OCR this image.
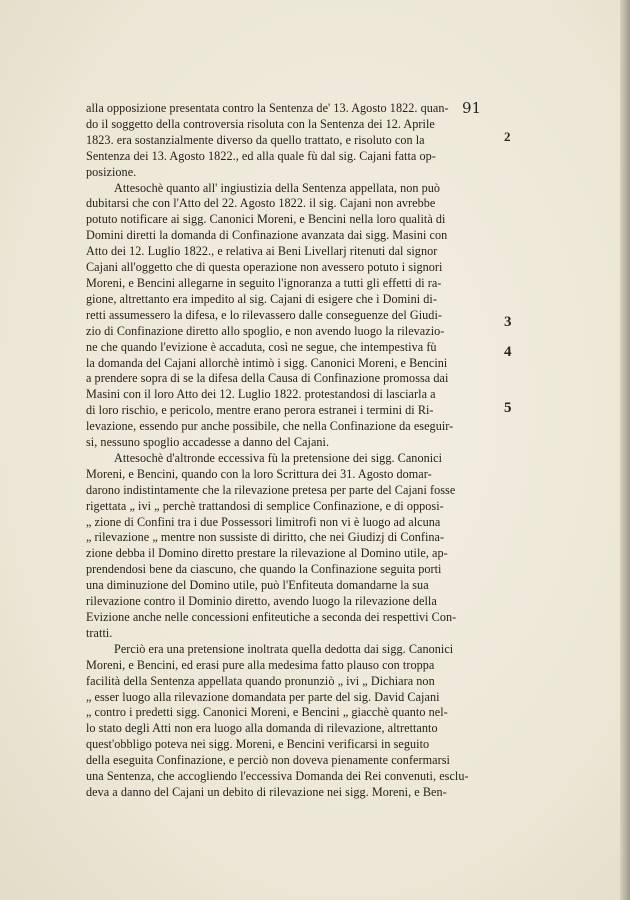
91
alla opposizione presentata contro la Sentenza de' 13. Agosto 1822. quan-
do il soggetto della controversia risoluta con la Sentenza dei 12. Aprile
1823. era sostanzialmente diverso da quello trattato, e risoluto con la
Sentenza dei 13. Agosto 1822., ed alla quale fù dal sig. Cajani fatta op-
posizione.
Attesochè quanto all' ingiustizia della Sentenza appellata, non può
dubitarsi che con l'Atto del 22. Agosto 1822. il sig. Cajani non avrebbe
potuto notificare ai sigg. Canonici Moreni, e Bencini nella loro qualità di
Domini diretti la domanda di Confinazione avanzata dai sigg. Masini con
Atto dei 12. Luglio 1822., e relativa ai Beni Livellarj ritenuti dal signor
Cajani all'oggetto che di questa operazione non avessero potuto i signori
Moreni, e Bencini allegarne in seguito l'ignoranza a tutti gli effetti di ra-
gione, altrettanto era impedito al sig. Cajani di esigere che i Domini di-
retti assumessero la difesa, e lo rilevassero dalle conseguenze del Giudi-
zio di Confinazione diretto allo spoglio, e non avendo luogo la rilevazio-
ne che quando l'evizione è accaduta, così ne segue, che intempestiva fù
la domanda del Cajani allorchè intimò i sigg. Canonici Moreni, e Bencini
a prendere sopra di se la difesa della Causa di Confinazione promossa dai
Masini con il loro Atto dei 12. Luglio 1822. protestandosi di lasciarla a
di loro rischio, e pericolo, mentre erano perora estranei i termini di Ri-
levazione, essendo pur anche possibile, che nella Confinazione da eseguir-
si, nessuno spoglio accadesse a danno del Cajani.
Attesochè d'altronde eccessiva fù la pretensione dei sigg. Canonici
Moreni, e Bencini, quando con la loro Scrittura dei 31. Agosto domar-
darono indistintamente che la rilevazione pretesa per parte del Cajani fosse
rigettata „ ivi „ perchè trattandosi di semplice Confinazione, e di opposi-
„ zione di Confini tra i due Possessori limitrofi non vi è luogo ad alcuna
„ rilevazione „ mentre non sussiste di diritto, che nei Giudizj di Confina-
zione debba il Domino diretto prestare la rilevazione al Domino utile, ap-
prendendosi bene da ciascuno, che quando la Confinazione seguita porti
una diminuzione del Domino utile, può l'Enfiteuta domandarne la sua
rilevazione contro il Dominio diretto, avendo luogo la rilevazione della
Evizione anche nelle concessioni enfiteutiche a seconda dei respettivi Con-
tratti.
Perciò era una pretensione inoltrata quella dedotta dai sigg. Canonici
Moreni, e Bencini, ed erasi pure alla medesima fatto plauso con troppa
facilità della Sentenza appellata quando pronunziò „ ivi „ Dichiara non
„ esser luogo alla rilevazione domandata per parte del sig. David Cajani
„ contro i predetti sigg. Canonici Moreni, e Bencini „ giacchè quanto nel-
lo stato degli Atti non era luogo alla domanda di rilevazione, altrettanto
quest'obbligo poteva nei sigg. Moreni, e Bencini verificarsi in seguito
della eseguita Confinazione, e perciò non doveva pienamente confermarsi
una Sentenza, che accogliendo l'eccessiva Domanda dei Rei convenuti, esclu-
deva a danno del Cajani un debito di rilevazione nei sigg. Moreni, e Ben-
2
3
4
5
